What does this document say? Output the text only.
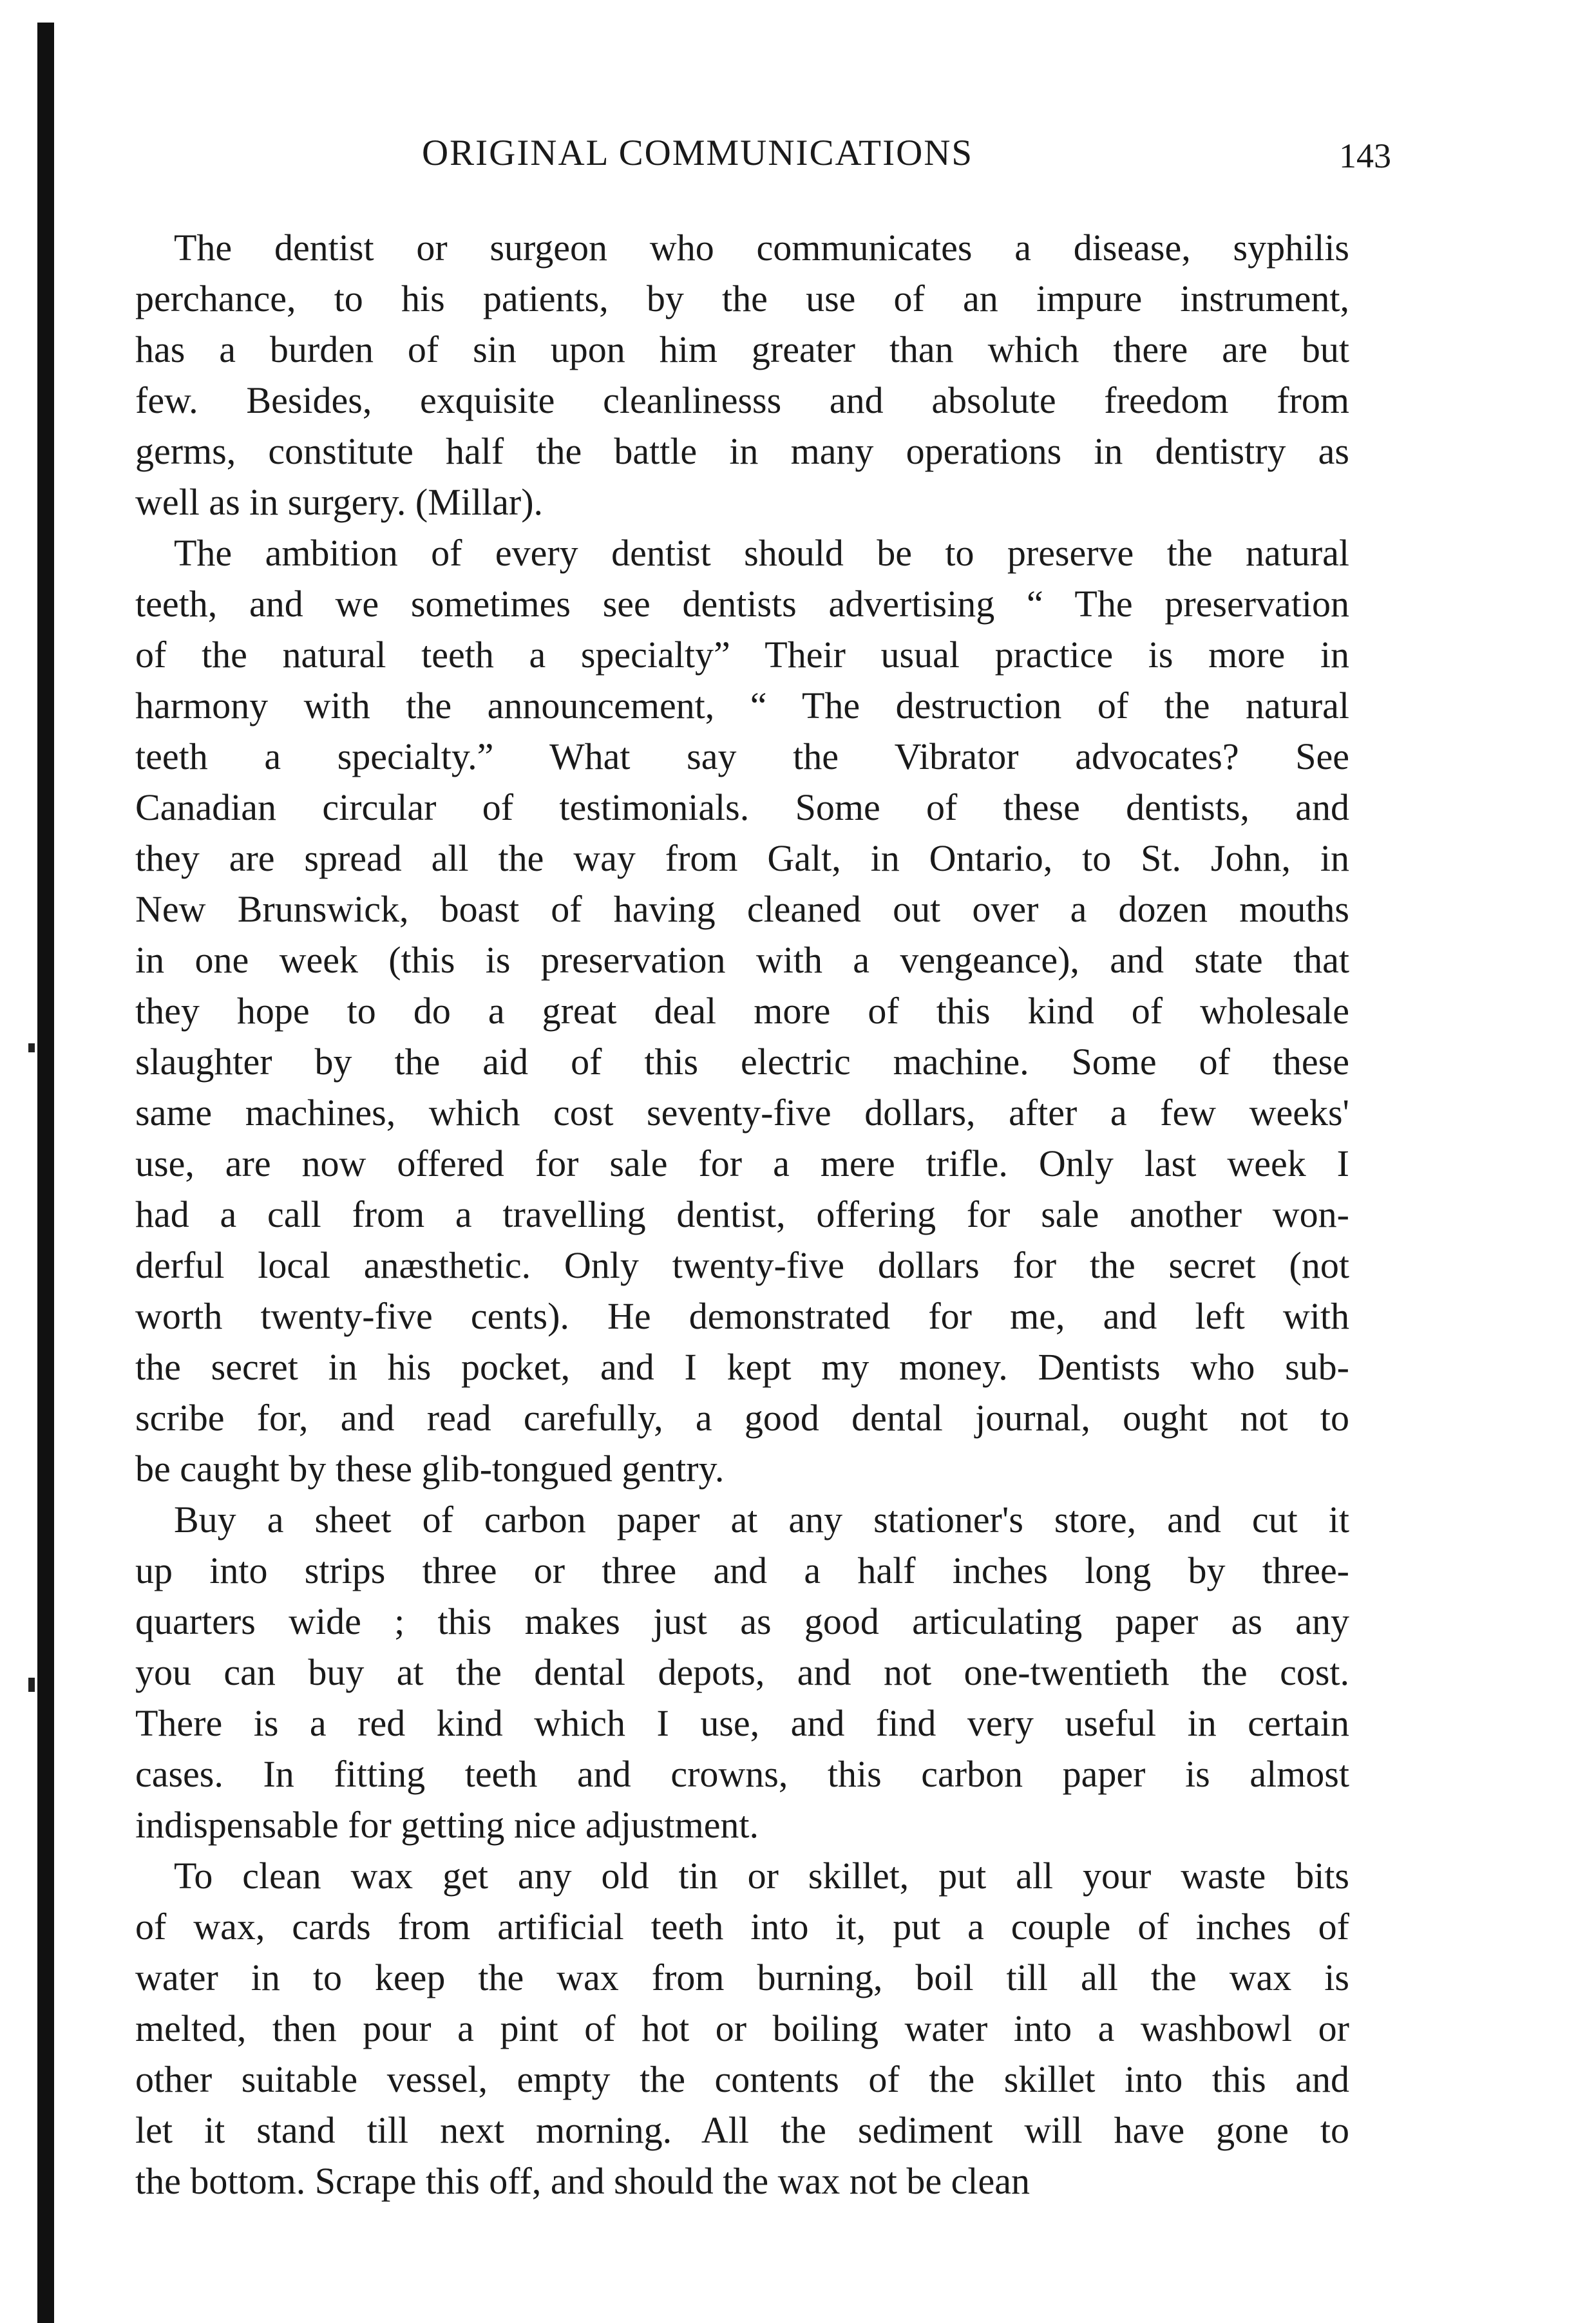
ORIGINAL COMMUNICATIONS	143
The dentist or surgeon who communicates a disease, syphilis
perchance, to his patients, by the use of an impure instrument,
has a burden of sin upon him greater than which there are but
few. Besides, exquisite cleanlinesss and absolute freedom from
germs, constitute half the battle in many operations in dentistry as
well as in surgery. (Millar).
The ambition of every dentist should be to preserve the natural
teeth, and we sometimes see dentists advertising “ The preservation
of the natural teeth a specialty” Their usual practice is more in
harmony with the announcement, “ The destruction of the natural
teeth a specialty.” What say the Vibrator advocates? See
Canadian circular of testimonials. Some of these dentists, and
they are spread all the way from Galt, in Ontario, to St. John, in
New Brunswick, boast of having cleaned out over a dozen mouths
in one week (this is preservation with a vengeance), and state that
they hope to do a great deal more of this kind of wholesale
slaughter by the aid of this electric machine. Some of these
same machines, which cost seventy-five dollars, after a few weeks'
use, are now offered for sale for a mere trifle. Only last week I
had a call from a travelling dentist, offering for sale another won-
derful local anæsthetic. Only twenty-five dollars for the secret (not
worth twenty-five cents). He demonstrated for me, and left with
the secret in his pocket, and I kept my money. Dentists who sub-
scribe for, and read carefully, a good dental journal, ought not to
be caught by these glib-tongued gentry.
Buy a sheet of carbon paper at any stationer's store, and cut it
up into strips three or three and a half inches long by three-
quarters wide ; this makes just as good articulating paper as any
you can buy at the dental depots, and not one-twentieth the cost.
There is a red kind which I use, and find very useful in certain
cases. In fitting teeth and crowns, this carbon paper is almost
indispensable for getting nice adjustment.
To clean wax get any old tin or skillet, put all your waste bits
of wax, cards from artificial teeth into it, put a couple of inches of
water in to keep the wax from burning, boil till all the wax is
melted, then pour a pint of hot or boiling water into a washbowl or
other suitable vessel, empty the contents of the skillet into this and
let it stand till next morning. All the sediment will have gone to
the bottom. Scrape this off, and should the wax not be clean
